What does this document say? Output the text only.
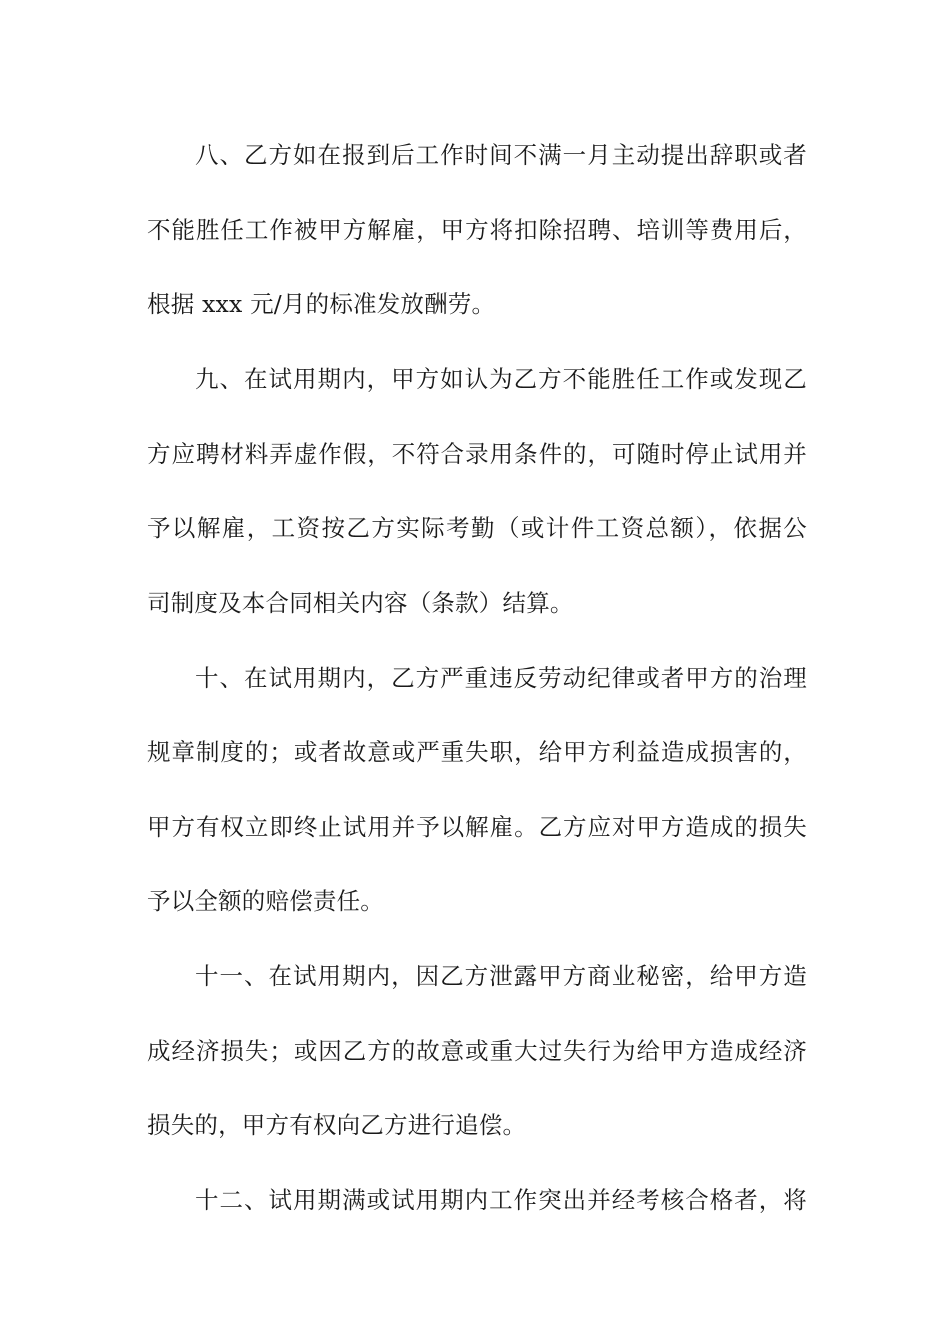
八、乙方如在报到后工作时间不满一月主动提出辞职或者
不能胜任工作被甲方解雇，甲方将扣除招聘、培训等费用后，
根据 xxx 元/月的标准发放酬劳。
九、在试用期内，甲方如认为乙方不能胜任工作或发现乙
方应聘材料弄虚作假，不符合录用条件的，可随时停止试用并
予以解雇，工资按乙方实际考勤（或计件工资总额），依据公
司制度及本合同相关内容（条款）结算。
十、在试用期内，乙方严重违反劳动纪律或者甲方的治理
规章制度的；或者故意或严重失职，给甲方利益造成损害的，
甲方有权立即终止试用并予以解雇。乙方应对甲方造成的损失
予以全额的赔偿责任。
十一、在试用期内，因乙方泄露甲方商业秘密，给甲方造
成经济损失；或因乙方的故意或重大过失行为给甲方造成经济
损失的，甲方有权向乙方进行追偿。
十二、试用期满或试用期内工作突出并经考核合格者，将
